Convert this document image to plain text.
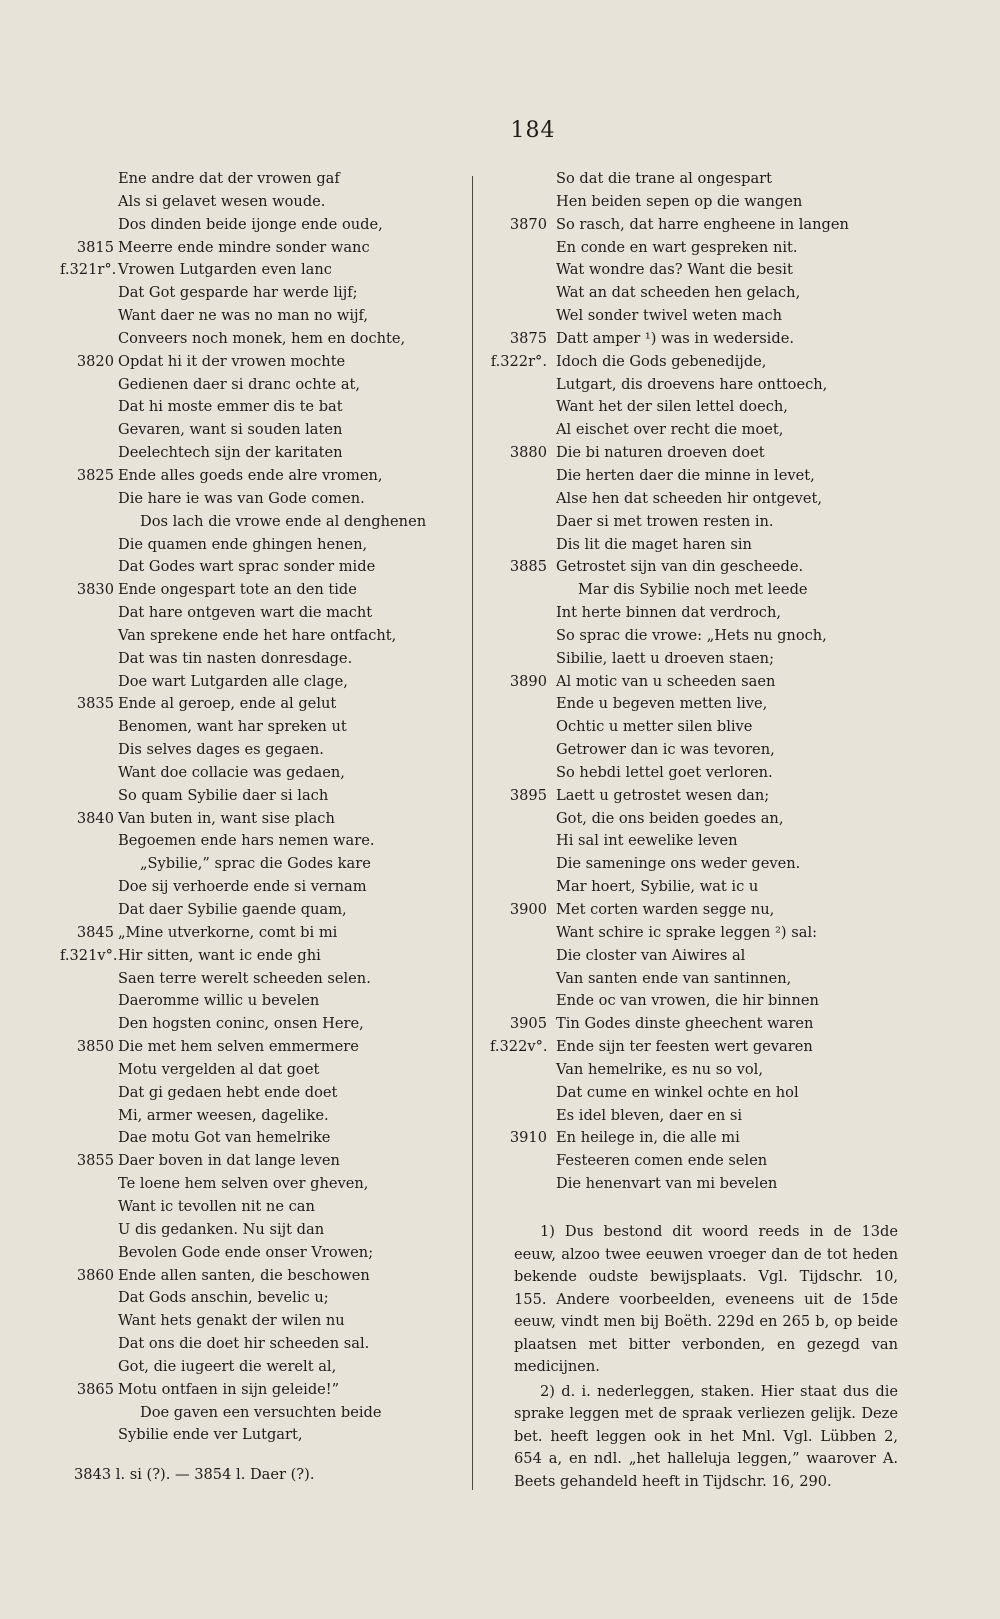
184
Ene andre dat der vrowen gaf
Als si gelavet wesen woude.
Dos dinden beide ijonge ende oude,
3815 Meerre ende mindre sonder wanc
f.321r°. Vrowen Lutgarden even lanc
Dat Got gesparde har werde lijf;
Want daer ne was no man no wijf,
Conveers noch monek, hem en dochte,
3820 Opdat hi it der vrowen mochte
Gedienen daer si dranc ochte at,
Dat hi moste emmer dis te bat
Gevaren, want si souden laten
Deelechtech sijn der karitaten
3825 Ende alles goeds ende alre vromen,
Die hare ie was van Gode comen.
Dos lach die vrowe ende al denghenen
Die quamen ende ghingen henen,
Dat Godes wart sprac sonder mide
3830 Ende ongespart tote an den tide
Dat hare ontgeven wart die macht
Van sprekene ende het hare ontfacht,
Dat was tin nasten donresdage.
Doe wart Lutgarden alle clage,
3835 Ende al geroep, ende al gelut
Benomen, want har spreken ut
Dis selves dages es gegaen.
Want doe collacie was gedaen,
So quam Sybilie daer si lach
3840 Van buten in, want sise plach
Begoemen ende hars nemen ware.
„Sybilie,” sprac die Godes kare
Doe sij verhoerde ende si vernam
Dat daer Sybilie gaende quam,
3845 „Mine utverkorne, comt bi mi
f.321v°. Hir sitten, want ic ende ghi
Saen terre werelt scheeden selen.
Daeromme willic u bevelen
Den hogsten coninc, onsen Here,
3850 Die met hem selven emmermere
Motu vergelden al dat goet
Dat gi gedaen hebt ende doet
Mi, armer weesen, dagelike.
Dae motu Got van hemelrike
3855 Daer boven in dat lange leven
Te loene hem selven over gheven,
Want ic tevollen nit ne can
U dis gedanken. Nu sijt dan
Bevolen Gode ende onser Vrowen;
3860 Ende allen santen, die beschowen
Dat Gods anschin, bevelic u;
Want hets genakt der wilen nu
Dat ons die doet hir scheeden sal.
Got, die iugeert die werelt al,
3865 Motu ontfaen in sijn geleide!”
Doe gaven een versuchten beide
Sybilie ende ver Lutgart,
So dat die trane al ongespart
Hen beiden sepen op die wangen
3870 So rasch, dat harre engheene in langen
En conde en wart gespreken nit.
Wat wondre das? Want die besit
Wat an dat scheeden hen gelach,
Wel sonder twivel weten mach
3875 Datt amper ¹) was in wederside.
f.322r°. Idoch die Gods gebenedijde,
Lutgart, dis droevens hare onttoech,
Want het der silen lettel doech,
Al eischet over recht die moet,
3880 Die bi naturen droeven doet
Die herten daer die minne in levet,
Alse hen dat scheeden hir ontgevet,
Daer si met trowen resten in.
Dis lit die maget haren sin
3885 Getrostet sijn van din gescheede.
Mar dis Sybilie noch met leede
Int herte binnen dat verdroch,
So sprac die vrowe: „Hets nu gnoch,
Sibilie, laett u droeven staen;
3890 Al motic van u scheeden saen
Ende u begeven metten live,
Ochtic u metter silen blive
Getrower dan ic was tevoren,
So hebdi lettel goet verloren.
3895 Laett u getrostet wesen dan;
Got, die ons beiden goedes an,
Hi sal int eewelike leven
Die sameninge ons weder geven.
Mar hoert, Sybilie, wat ic u
3900 Met corten warden segge nu,
Want schire ic sprake leggen ²) sal:
Die closter van Aiwires al
Van santen ende van santinnen,
Ende oc van vrowen, die hir binnen
3905 Tin Godes dinste gheechent waren
f.322v°. Ende sijn ter feesten wert gevaren
Van hemelrike, es nu so vol,
Dat cume en winkel ochte en hol
Es idel bleven, daer en si
3910 En heilege in, die alle mi
Festeeren comen ende selen
Die henenvart van mi bevelen
3843 l. si (?). — 3854 l. Daer (?).
1) Dus bestond dit woord reeds in de 13de eeuw, alzoo twee eeuwen vroeger dan de tot heden bekende oudste bewijsplaats. Vgl. Tijdschr. 10, 155. Andere voorbeelden, eveneens uit de 15de eeuw, vindt men bij Boëth. 229d en 265 b, op beide plaatsen met bitter verbonden, en gezegd van medicijnen.
2) d. i. nederleggen, staken. Hier staat dus die sprake leggen met de spraak verliezen gelijk. Deze bet. heeft leggen ook in het Mnl. Vgl. Lübben 2, 654 a, en ndl. „het halleluja leggen,” waarover A. Beets gehandeld heeft in Tijdschr. 16, 290.
